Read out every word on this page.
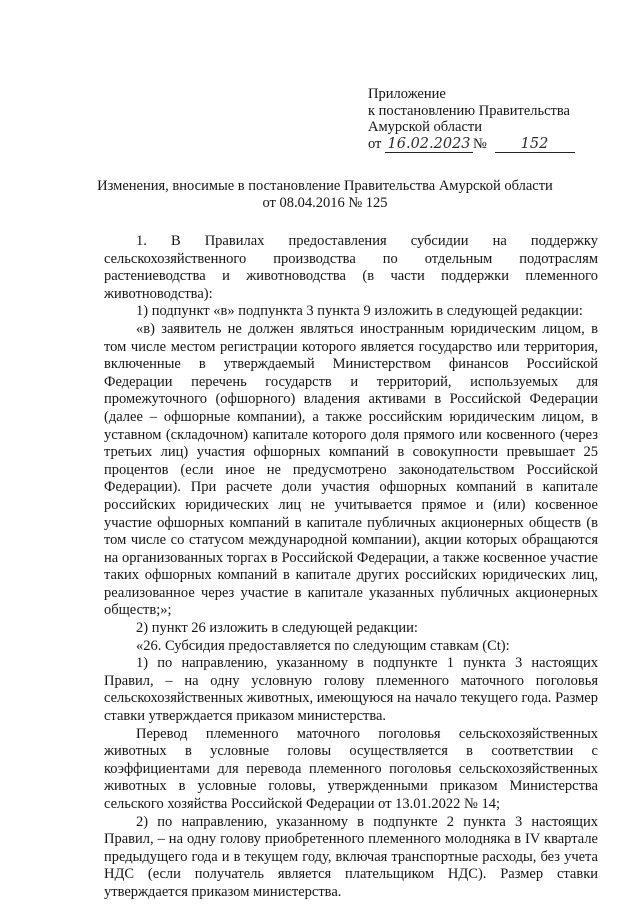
Приложение
к постановлению Правительства
Амурской области
от 16.02.2023 № 152
Изменения, вносимые в постановление Правительства Амурской области
от 08.04.2016 № 125

1. В Правилах предоставления субсидии на поддержку сельскохозяйственного производства по отдельным подотраслям растениеводства и животноводства (в части поддержки племенного животноводства):

1) подпункт «в» подпункта 3 пункта 9 изложить в следующей редакции:

«в) заявитель не должен являться иностранным юридическим лицом, в том числе местом регистрации которого является государство или территория, включенные в утверждаемый Министерством финансов Российской Федерации перечень государств и территорий, используемых для промежуточного (офшорного) владения активами в Российской Федерации (далее – офшорные компании), а также российским юридическим лицом, в уставном (складочном) капитале которого доля прямого или косвенного (через третьих лиц) участия офшорных компаний в совокупности превышает 25 процентов (если иное не предусмотрено законодательством Российской Федерации). При расчете доли участия офшорных компаний в капитале российских юридических лиц не учитывается прямое и (или) косвенное участие офшорных компаний в капитале публичных акционерных обществ (в том числе со статусом международной компании), акции которых обращаются на организованных торгах в Российской Федерации, а также косвенное участие таких офшорных компаний в капитале других российских юридических лиц, реализованное через участие в капитале указанных публичных акционерных обществ;»;

2) пункт 26 изложить в следующей редакции:

«26. Субсидия предоставляется по следующим ставкам (Сt):

1) по направлению, указанному в подпункте 1 пункта 3 настоящих Правил, – на одну условную голову племенного маточного поголовья сельскохозяйственных животных, имеющуюся на начало текущего года. Размер ставки утверждается приказом министерства.

Перевод племенного маточного поголовья сельскохозяйственных животных в условные головы осуществляется в соответствии с коэффициентами для перевода племенного поголовья сельскохозяйственных животных в условные головы, утвержденными приказом Министерства сельского хозяйства Российской Федерации от 13.01.2022 № 14;

2) по направлению, указанному в подпункте 2 пункта 3 настоящих Правил, – на одну голову приобретенного племенного молодняка в IV квартале предыдущего года и в текущем году, включая транспортные расходы, без учета НДС (если получатель является плательщиком НДС). Размер ставки утверждается приказом министерства.
